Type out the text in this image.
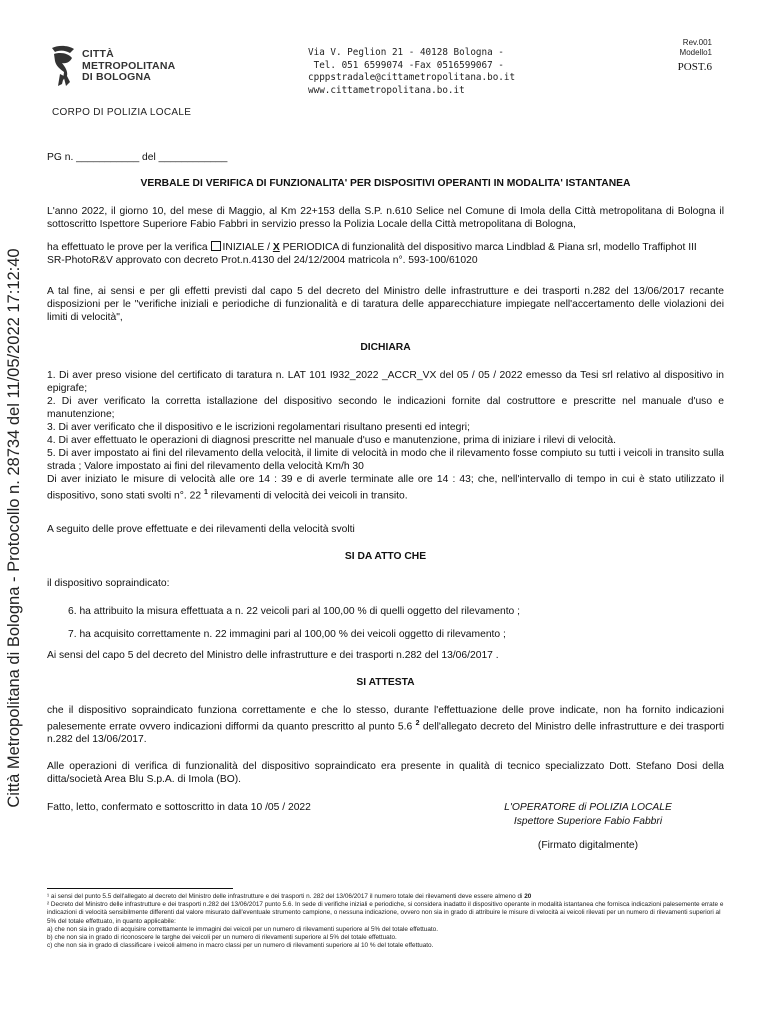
Città Metropolitana di Bologna - Protocollo n. 28734 del 11/05/2022 17:12:40
CITTÀ
METROPOLITANA
DI BOLOGNA
CORPO DI POLIZIA LOCALE
Via V. Peglion 21 - 40128 Bologna -
Tel. 051 6599074 -Fax 0516599067 -
cpppstradale@cittametropolitana.bo.it
www.cittametropolitana.bo.it
Rev.001
Modello1
POST.6
PG n. ___________ del ____________
VERBALE DI VERIFICA DI FUNZIONALITA' PER DISPOSITIVI OPERANTI IN MODALITA' ISTANTANEA

L'anno 2022, il giorno 10, del mese di Maggio, al Km 22+153 della S.P. n.610 Selice nel Comune di Imola della Città metropolitana di Bologna il sottoscritto Ispettore Superiore Fabio Fabbri in servizio presso la Polizia Locale della Città metropolitana di Bologna,

ha effettuato le prove per la verifica INIZIALE / X PERIODICA di funzionalità del dispositivo marca Lindblad & Piana srl, modello Traffiphot III
SR-PhotoR&V approvato con decreto Prot.n.4130 del 24/12/2004 matricola n°. 593-100/61020

A tal fine, ai sensi e per gli effetti previsti dal capo 5 del decreto del Ministro delle infrastrutture e dei trasporti n.282 del 13/06/2017 recante disposizioni per le "verifiche iniziali e periodiche di funzionalità e di taratura delle apparecchiature impiegate nell'accertamento delle violazioni dei limiti di velocità",

DICHIARA
1. Di aver preso visione del certificato di taratura n. LAT 101 I932_2022 _ACCR_VX del 05 / 05 / 2022 emesso da Tesi srl relativo al dispositivo in epigrafe;
2. Di aver verificato la corretta istallazione del dispositivo secondo le indicazioni fornite dal costruttore e prescritte nel manuale d'uso e manutenzione;
3. Di aver verificato che il dispositivo e le iscrizioni regolamentari risultano presenti ed integri;
4. Di aver effettuato le operazioni di diagnosi prescritte nel manuale d'uso e manutenzione, prima di iniziare i rilevi di velocità.
5. Di aver impostato ai fini del rilevamento della velocità, il limite di velocità in modo che il rilevamento fosse compiuto su tutti i veicoli in transito sulla strada ; Valore impostato ai fini del rilevamento della velocità Km/h 30
Di aver iniziato le misure di velocità alle ore 14 : 39 e di averle terminate alle ore 14 : 43; che, nell'intervallo di tempo in cui è stato utilizzato il dispositivo, sono stati svolti n°. 22 $^1$ rilevamenti di velocità dei veicoli in transito.
A seguito delle prove effettuate e dei rilevamenti della velocità svolti
SI DA ATTO CHE
il dispositivo sopraindicato:
6. ha attribuito la misura effettuata a n. 22 veicoli pari al 100,00 % di quelli oggetto del rilevamento ;
7. ha acquisito correttamente n. 22 immagini pari al 100,00 % dei veicoli oggetto di rilevamento ;
Ai sensi del capo 5 del decreto del Ministro delle infrastrutture e dei trasporti n.282 del 13/06/2017 .
SI ATTESTA

che il dispositivo sopraindicato funziona correttamente e che lo stesso, durante l'effettuazione delle prove indicate, non ha fornito indicazioni palesemente errate ovvero indicazioni difformi da quanto prescritto al punto 5.6 $^2$ dell'allegato decreto del Ministro delle infrastrutture e dei trasporti n.282 del 13/06/2017.

Alle operazioni di verifica di funzionalità del dispositivo sopraindicato era presente in qualità di tecnico specializzato Dott. Stefano Dosi della ditta/società Area Blu S.p.A. di Imola (BO).

Fatto, letto, confermato e sottoscritto in data 10 /05 / 2022	L'OPERATORE di POLIZIA LOCALE
Ispettore Superiore Fabio Fabbri
(Firmato digitalmente)
¹ ai sensi del punto 5.5 dell'allegato al decreto del Ministro delle infrastrutture e dei trasporti n. 282 del 13/06/2017 il numero totale dei rilevamenti deve essere almeno di 20
² Decreto del Ministro delle infrastrutture e dei trasporti n.282 del 13/06/2017 punto 5.6. In sede di verifiche iniziali e periodiche, si considera inadatto il dispositivo operante in modalità istantanea che fornisca indicazioni palesemente errate e indicazioni di velocità sensibilmente differenti dal valore misurato dall'eventuale strumento campione, o nessuna indicazione, ovvero non sia in grado di attribuire le misure di velocità ai veicoli rilevati per un numero di rilevamenti superiori al 5% del totale effettuato, in quanto applicabile:
a) che non sia in grado di acquisire correttamente le immagini dei veicoli per un numero di rilevamenti superiore al 5% del totale effettuato.
b) che non sia in grado di riconoscere le targhe dei veicoli per un numero di rilevamenti superiore al 5% del totale effettuato.
c) che non sia in grado di classificare i veicoli almeno in macro classi per un numero di rilevamenti superiore al 10 % del totale effettuato.
